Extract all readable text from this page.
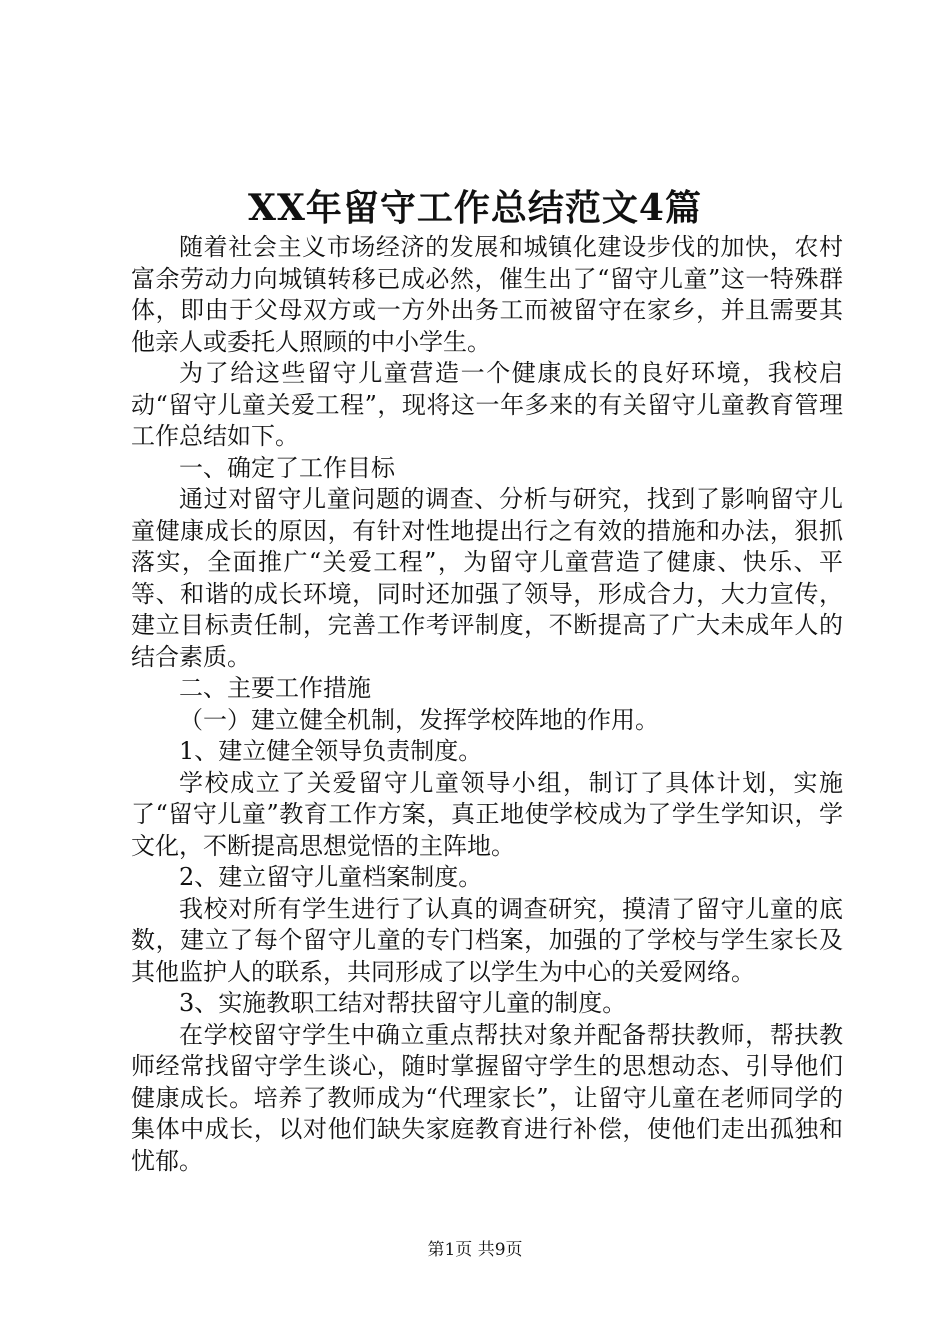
XX年留守工作总结范文4篇

随着社会主义市场经济的发展和城镇化建设步伐的加快，农村富余劳动力向城镇转移已成必然，催生出了“留守儿童”这一特殊群体，即由于父母双方或一方外出务工而被留守在家乡，并且需要其他亲人或委托人照顾的中小学生。

为了给这些留守儿童营造一个健康成长的良好环境，我校启动“留守儿童关爱工程”，现将这一年多来的有关留守儿童教育管理工作总结如下。

一、确定了工作目标

通过对留守儿童问题的调查、分析与研究，找到了影响留守儿童健康成长的原因，有针对性地提出行之有效的措施和办法，狠抓落实，全面推广“关爱工程”，为留守儿童营造了健康、快乐、平等、和谐的成长环境，同时还加强了领导，形成合力，大力宣传，建立目标责任制，完善工作考评制度，不断提高了广大未成年人的结合素质。

二、主要工作措施

（一）建立健全机制，发挥学校阵地的作用。

1、建立健全领导负责制度。

学校成立了关爱留守儿童领导小组，制订了具体计划，实施了“留守儿童”教育工作方案，真正地使学校成为了学生学知识，学文化，不断提高思想觉悟的主阵地。

2、建立留守儿童档案制度。

我校对所有学生进行了认真的调查研究，摸清了留守儿童的底数，建立了每个留守儿童的专门档案，加强的了学校与学生家长及其他监护人的联系，共同形成了以学生为中心的关爱网络。

3、实施教职工结对帮扶留守儿童的制度。

在学校留守学生中确立重点帮扶对象并配备帮扶教师，帮扶教师经常找留守学生谈心，随时掌握留守学生的思想动态、引导他们健康成长。培养了教师成为“代理家长”，让留守儿童在老师同学的集体中成长，以对他们缺失家庭教育进行补偿，使他们走出孤独和忧郁。

第1页 共9页
